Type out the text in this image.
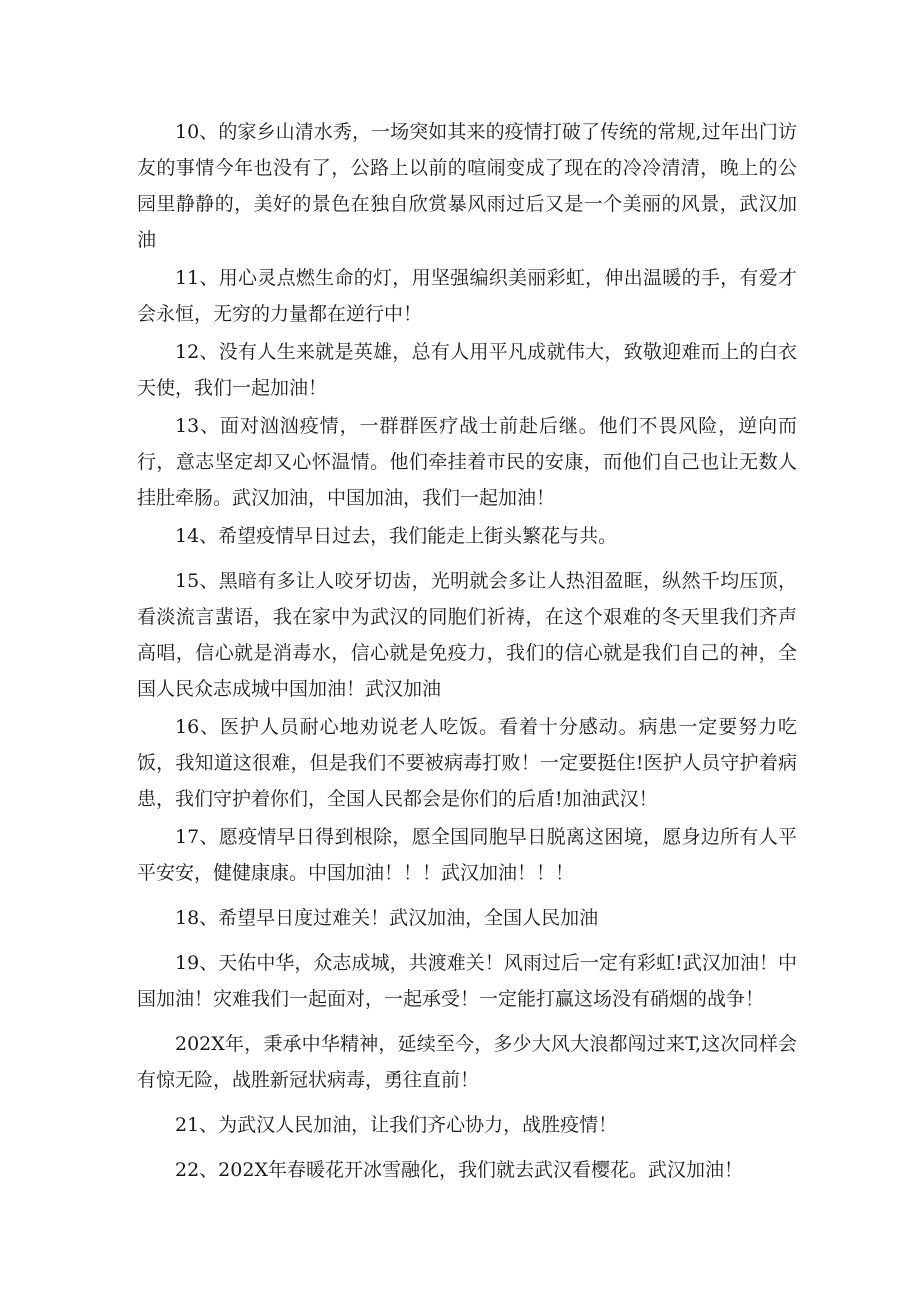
10、的家乡山清水秀，一场突如其来的疫情打破了传统的常规,过年出门访友的事情今年也没有了，公路上以前的喧闹变成了现在的冷冷清清，晚上的公园里静静的，美好的景色在独自欣赏暴风雨过后又是一个美丽的风景，武汉加油

11、用心灵点燃生命的灯，用坚强编织美丽彩虹，伸出温暖的手，有爱才会永恒，无穷的力量都在逆行中！

12、没有人生来就是英雄，总有人用平凡成就伟大，致敬迎难而上的白衣天使，我们一起加油！

13、面对汹汹疫情，一群群医疗战士前赴后继。他们不畏风险，逆向而行，意志坚定却又心怀温情。他们牵挂着市民的安康，而他们自己也让无数人挂肚牵肠。武汉加油，中国加油，我们一起加油！

14、希望疫情早日过去，我们能走上街头繁花与共。

15、黑暗有多让人咬牙切齿，光明就会多让人热泪盈眶，纵然千均压顶，看淡流言蜚语，我在家中为武汉的同胞们祈祷，在这个艰难的冬天里我们齐声高唱，信心就是消毒水，信心就是免疫力，我们的信心就是我们自己的神，全国人民众志成城中国加油！武汉加油

16、医护人员耐心地劝说老人吃饭。看着十分感动。病患一定要努力吃饭，我知道这很难，但是我们不要被病毒打败！一定要挺住!医护人员守护着病患，我们守护着你们，全国人民都会是你们的后盾!加油武汉！

17、愿疫情早日得到根除，愿全国同胞早日脱离这困境，愿身边所有人平平安安，健健康康。中国加油！！！武汉加油！！！

18、希望早日度过难关！武汉加油，全国人民加油

19、天佑中华，众志成城，共渡难关！风雨过后一定有彩虹!武汉加油！中国加油！灾难我们一起面对，一起承受！一定能打赢这场没有硝烟的战争！

202X年，秉承中华精神，延续至今，多少大风大浪都闯过来T,这次同样会有惊无险，战胜新冠状病毒，勇往直前！

21、为武汉人民加油，让我们齐心协力，战胜疫情！

22、202X年春暖花开冰雪融化，我们就去武汉看樱花。武汉加油！
